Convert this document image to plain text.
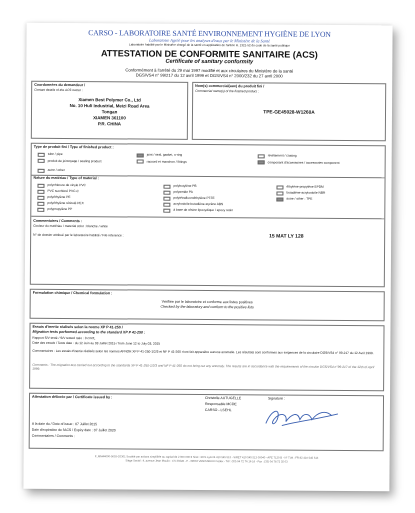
CARSO - LABORATOIRE SANTÉ ENVIRONNEMENT HYGIÈNE DE LYON
Laboratoire Agréé pour les analyses d'eaux par le Ministère de la Santé
Laboratoire habilité par le Ministère chargé de la santé en application de l'article R. 1321-52 du code de la santé publique
ATTESTATION DE CONFORMITE SANITAIRE (ACS)
Certificate of sanitary conformity
Conformément à l'arrêté du 29 mai 1997 modifié et aux circulaires du Ministère de la santé
DGS/VS4 n° 99/217 du 12 avril 1999 et DGS/VS4 n° 2000/232 du 27 avril 2000
Coordonnées du demandeur /
Contact details of the ACS owner :
Xiamen Best Polymer Co., Ltd
No. 10 Huli Industrial, Meizi Road Area
Tongan
XIAMEN 361100
P.R. CHINA
Nom(s) commercial(aux) du produit fini /
Commercial name(s) of the finished product :
TPE-GE45028-W1260A
Type de produit fini / Type of finished product :
tube / pipe	joint / seal, gasket, o-ring	revêtement / coating
produit de jointoyage / sealing product	raccord et manchon / fittings	composant d'accessoires / accessories component
autre / other
Nature du matériau / Type of material :
polychlorure de vinyle PVC	polybutylène PB	éthylène-propylène EPDM
PVC surchloré PVC-C	polyamide PA	butadiène-acrylonitrile NBR
polyéthylène PE	polytétrafluoroéthylène PTFE	autre / other : TPE
polyéthylène réticulé PEX	acrylonitrile-butadiène-styrène ABS
polypropylène PP	à base de résine époxydique / epoxy resin
Commentaires / Comments :
Couleur du matériau / material color : blanche / white
N° de dossier attribué par le laboratoire habilité / File reference :	15 MAT LY 128
Formulation chimique / Chemical formulation :
Vérifiée par le laboratoire et conforme aux listes positives
Checked by the laboratory and conform to the positive lists
Essais d'inertie réalisés selon la norme XP P 41-250 /
Migration tests performed according to the standard XP P 41-250 :
Rapport S/V testé / S/V tested ratio : 3 cm²/L
Date des essais / Tests date : du 12 Juin au 03 Juillet 2015 / from June 12 to July 03, 2015
Commentaires : Les essais d'inertie réalisés selon les normes AFNOR XP P 41-250-1/2/3 et NF P 41-260 n'ont fait apparaître aucune anomalie. Les résultats sont conformes aux exigences de la circulaire DGS/VS4 n° 99-217 du 12 Avril 1999.
Comments : The migration test carried out according to the standards XP P 41-250-1/2/3 and NF P 41-260 do not bring out any anomaly. The results are in accordance with the requirements of the circular DGS/VS4 n°99-217 of the 12th of April 1999.
Attestation délivrée par / Certificate issued by :	Christelle AUTUGELLE	Signature :
Responsable MCDE
CARSO - LSEHL
A la date du / Date of issue : 07 Juillet 2015
Date d'expiration de l'ACS / Expiry date : 07 Juillet 2020
Commentaires / Comments :
F_MM44000-0003-C0301 Société par actions simplifiée au capital de 2 000 000 € Siret : RCS Lyon B 410 545 513 - SIRET 410 545 513 00040 - APE 7120 B - N° TVA : FR 82 410 545 513
Siège Social : 4, avenue Jean Moulin - CS 30228 - F - 69633 VENISSIEUX Cedex - Tél : (33) 04 72 76 16 16 - Fax : (33) 04 78 72 35 03
